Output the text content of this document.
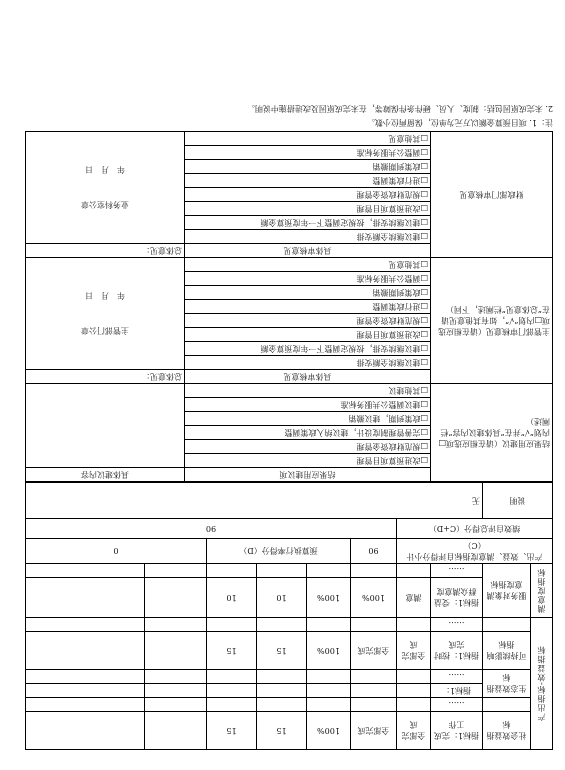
产出指标-效益指标	社会效益指标	指标1：完成工作	全部完成	全部完成	100%	15	15		
		……							
	生态效益指标	指标1：							
		……							
	可持续影响指标	指标1：按时完成	全部完成	全部完成	100%	15	15		
		……							
满意度指标	服务对象满意度指标	指标1：受益群众满意度	满意	100%	100%	10	10		
		……							
产出、效益、满意度指标自评得分小计（C）				90	预算执行率得分（D）			0	
绩效自评总得分（C+D）				90					
说明		无							
结果应用建议（请在相应选项□内划“√”并在“具体建议内容”栏阐述）	结果应用建议项	具体建议内容
	□改进预算项目管理	
	□规范财政资金管理	
	□完善管理制度设计，建议纳入政策调整	
	□政策到期，建议撤销	
	□建议调整公共服务标准	
	□其他建议	
主管部门审核意见（请在相应选项□内划“√”，如有其他意见请在“总体意见”栏阐述，下同）	具体审核意见	总体意见：
	□建议继续全额安排	主管部门公章
年　月　日

	□建议继续安排，按规定调整下一年度预算金额	
	□改进预算项目管理	
	□规范财政资金管理	
	□进行政策调整	
	□政策到期撤销	
	□调整公共服务标准	
	□其他意见	
财政部门审核意见	具体审核意见	总体意见：
	□建议继续全额安排	业务科室公章
年　月　日

	□建议继续安排，按规定调整下一年度预算金额	
	□改进预算项目管理	
	□规范财政资金管理	
	□进行政策调整	
	□政策到期撤销	
	□调整公共服务标准	
	□其他意见	
注：1. 项目预算金额以万元为单位，保留两位小数。
2. 未完成原因包括：制度、人员、硬件条件保障等，在未完成原因及改进措施中说明。
